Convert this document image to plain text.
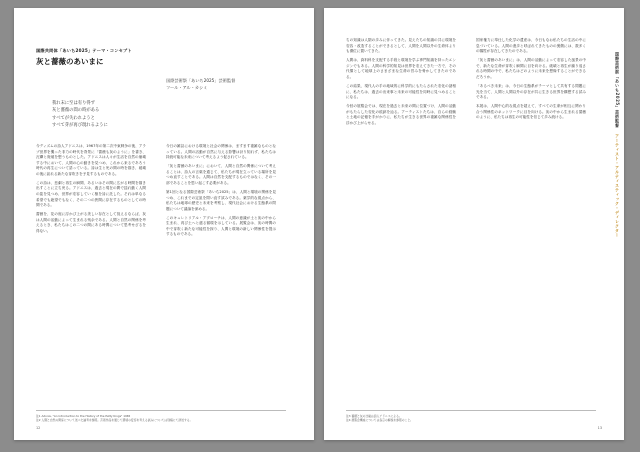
国際共同体「あいち2025」テーマ・コンセプト
灰と薔薇のあいまに
国際芸術祭「あいち2025」芸術監督
フール・アル・カシミ
我れ末に至は有り得ず
灰と薔薇の間の時がある
すべてが失われようと
すべて芽が再び現れるように

今ディズムの詩人アドニスは、1967年の第二次中東戦争の後、アラブ世界を襲った非力の時代を背景に「薔薇も灰のように」を書き、瓦礫と廃墟を想うものとした。アドニスは人々が生活を自然の崩壊する中において、人間の心の動きを見つめ、これから来るであろう時代の再生について語っている。詩は生と死の間の時を描き、破壊の後に訪れる新たな芽吹きを予見するものである。

この詩は、悲劇と再生の瞬間、あるいはその間に広がる時間を描き出すことに立ち戻る。アドニスは、過去と現在の間で揺れ動く人間の姿を見つめ、世界が変容していく様を詩に託した。それは単なる希望でも絶望でもなく、その二つの狭間に存在するものとしての時間である。

薔薇を、花の庭に浮かび上がる美しい存在として捉えるならば、灰は人間の活動によって生まれる残余である。人間と自然の関係を考えるとき、私たちはこの二つの間にある時間について思考せざるを得ない。

今日の雑誌における環境と社会の関係は、ますます複雑なものとなっている。人間の活動が自然に与える影響は計り知れず、私たちは持続可能な未来について考えるよう促されている。

「灰と薔薇のあいまに」において、人間と自然の関係について考えることは、詩人の言葉を通じて、私たちが現在立っている場所を見つめ直すことである。人間は自然を支配するものではなく、その一部であることを思い起こす必要がある。

第1回となる国際芸術祭「あいち2025」は、人間と環境の関係を見つめ、これまでの定説を問い直す試みである。薬学的な視点から、私たちは地球の歴史と未来を考察し、現代社会における生態系の問題について議論を深める。

このキュレトリアル・アプローチは、人間の意識が土と灰の中から生まれ、再び土へと還る循環を示している。展覧会は、灰の時間の中で芽吹く新たな可能性を探り、人間と環境の新しい関係性を提示するものである。

注1 Adonis, "An Introduction to the History of the Petty Kings" 1965
注2 人間と自然の関係について述べた論考を参照。芸術作品を通じて環境の変容を考える試みについては別稿にて詳述する。
12
国際芸術祭「あいち2025」芸術監督   アーティスト・アルティスティック・ディレクター

ちの知識は人類の歩みに伴ってきた。見えたちの知識の共に環境を変容・改造することができるとして、人間を人間以外の生命体よりも優位に置いてきた。

人間は、資料科を支配する手段と環境を学ぶ専門知識を持ったエンジンでもある。人間の科学的知見は世界を変えてきた一方で、その代償として地球上のさまざまな生命の営みを脅かしてきたのである。

この結果、現代人の手の地域的に科学的にもたらされた変化の諸相に、私たちは、過去の出来事と未来の可能性を同時に見つめることになる。

今回の展覧会では、現在を過去と未来の間に位置づけ、人間の活動がもたらした変化の痕跡を辿る。アーティストたちは、自らの経験と土地の記憶を手がかりに、私たちが生きる世界の複雑な関係性を浮かび上がらせる。

国家権力に奉仕した化学の遺産は、今日もなお私たちの生活の中に息づいている。人間の進歩と呼ばれてきたものの裏側には、数多くの犠牲が存在してきたのである。

「灰と薔薇のあいまに」は、人間の活動によって変容した風景の中で、新たな生命が芽吹く瞬間に目を向ける。破壊と再生が繰り返される時間の中で、私たちはどのように未来を想像することができるだろうか。

「あるべき未来」は、今日の生態系がテーマとして共有する問題に光を当て、人間と人間以外の存在が共に生きる世界を構想する試みである。

本展は、人間中心的な視点を超えて、すべての生命が相互に関わり合う関係性のネットワークに目を向ける。灰の中から生まれる薔薇のように、私たちは再生の可能性を信じて歩み続ける。

注3 薔薇と灰の比喩は詩人アドニスによる。
注4 展覧会構成については各章の解説を参照のこと。
13
